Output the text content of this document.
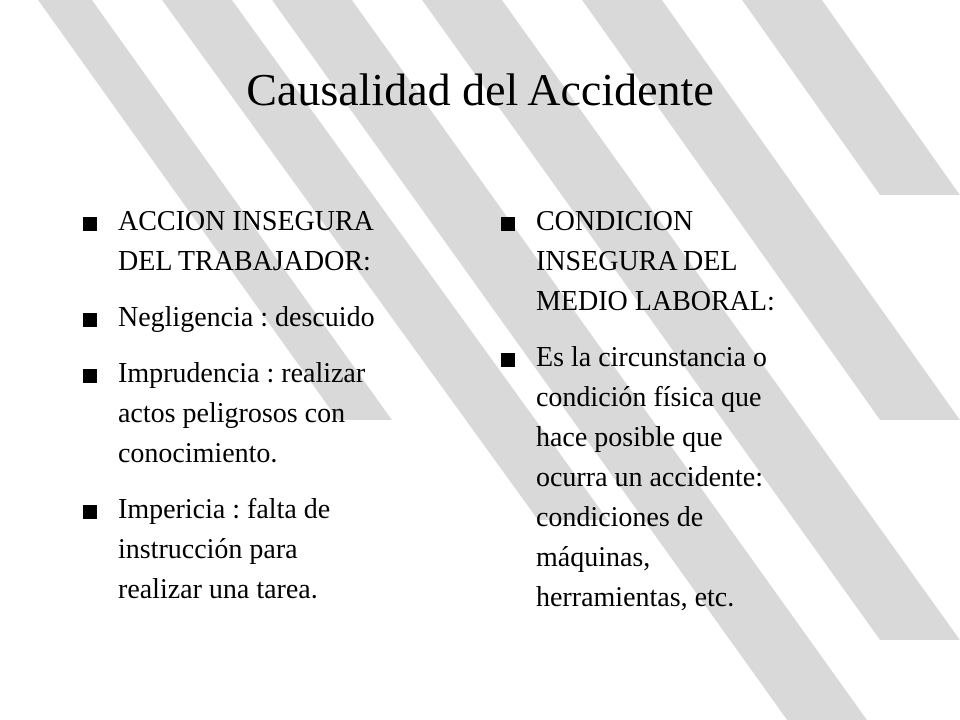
Causalidad del Accidente
ACCION INSEGURA
DEL TRABAJADOR:
Negligencia : descuido
Imprudencia : realizar
actos peligrosos con
conocimiento.
Impericia : falta de
instrucción para
realizar una tarea.
CONDICION
INSEGURA DEL
MEDIO LABORAL:
Es la circunstancia o
condición física que
hace posible que
ocurra un accidente:
condiciones de
máquinas,
herramientas, etc.
